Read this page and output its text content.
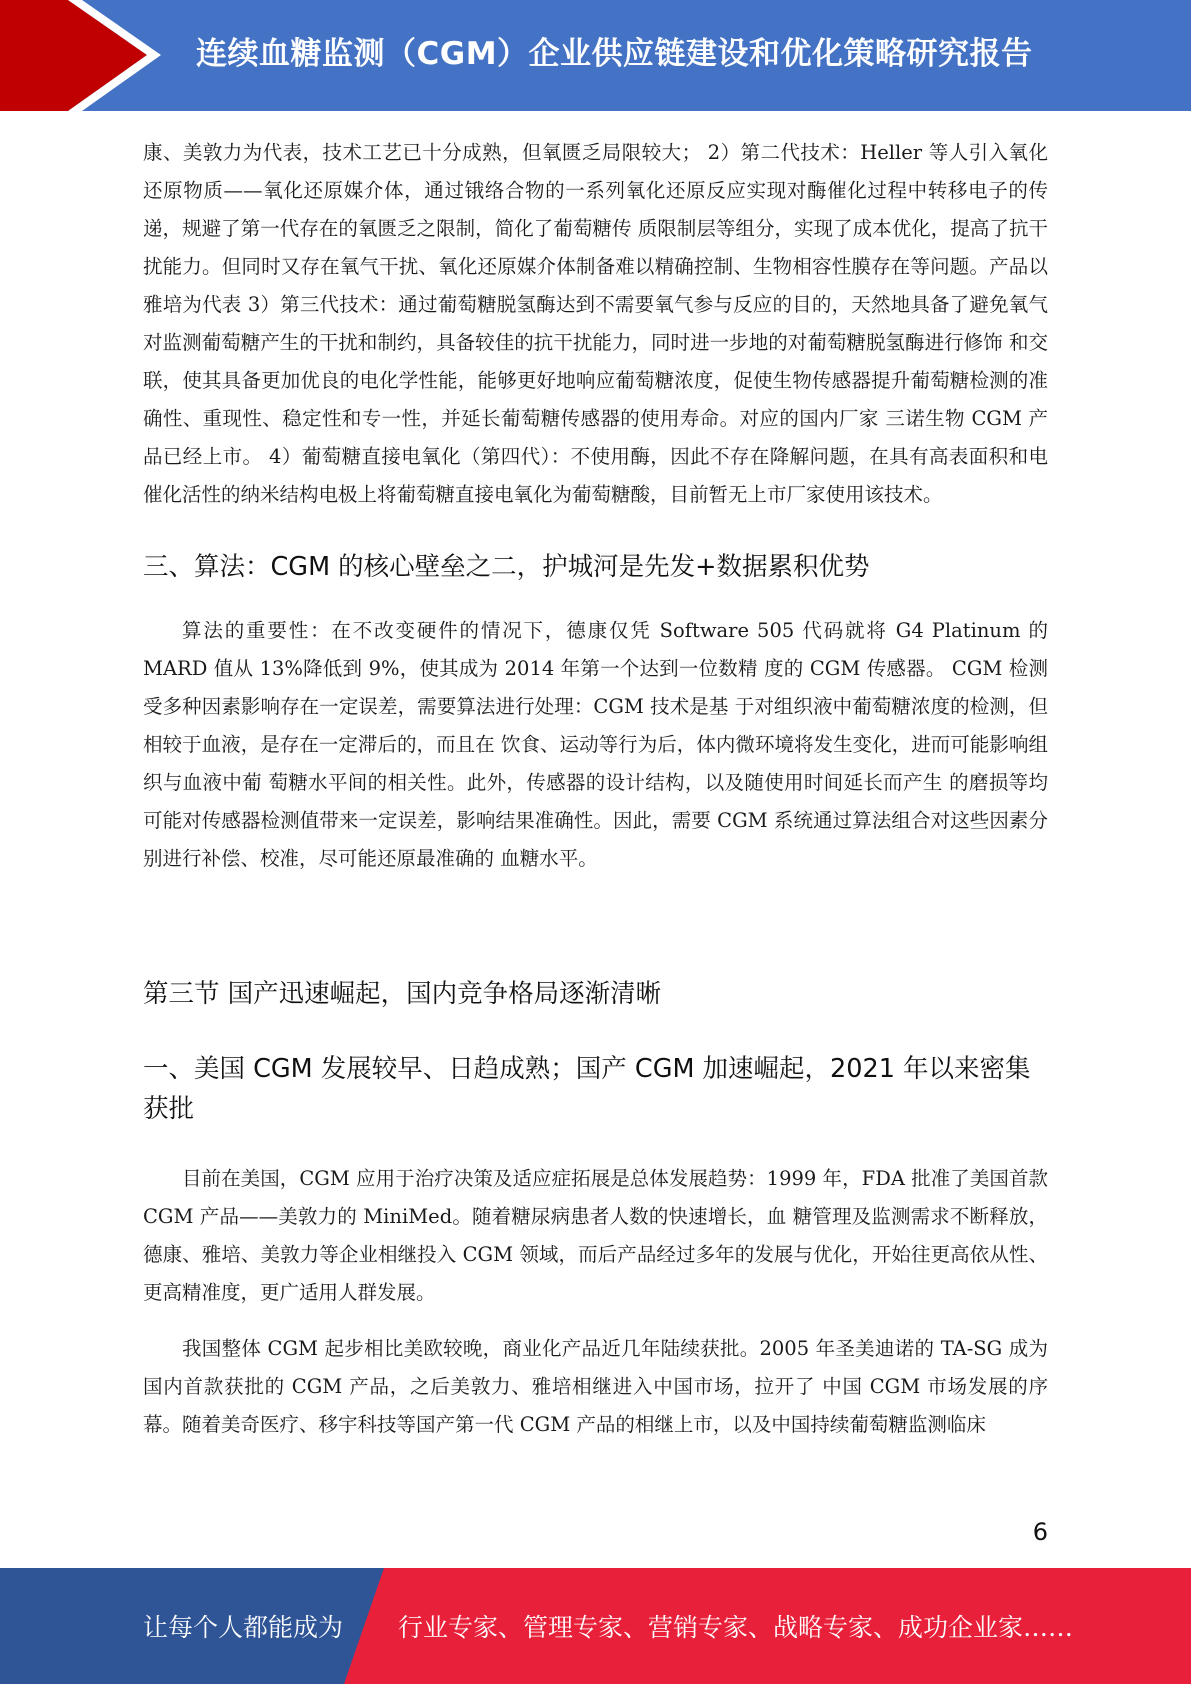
连续血糖监测（CGM）企业供应链建设和优化策略研究报告

康、美敦力为代表，技术工艺已十分成熟，但氧匮乏局限较大； 2）第二代技术：Heller 等人引入氧化还原物质——氧化还原媒介体，通过锇络合物的一系列氧化还原反应实现对酶催化过程中转移电子的传递，规避了第一代存在的氧匮乏之限制，简化了葡萄糖传 质限制层等组分，实现了成本优化，提高了抗干扰能力。但同时又存在氧气干扰、氧化还原媒介体制备难以精确控制、生物相容性膜存在等问题。产品以雅培为代表 3）第三代技术：通过葡萄糖脱氢酶达到不需要氧气参与反应的目的，天然地具备了避免氧气对监测葡萄糖产生的干扰和制约，具备较佳的抗干扰能力，同时进一步地的对葡萄糖脱氢酶进行修饰 和交联，使其具备更加优良的电化学性能，能够更好地响应葡萄糖浓度，促使生物传感器提升葡萄糖检测的准确性、重现性、稳定性和专一性，并延长葡萄糖传感器的使用寿命。对应的国内厂家 三诺生物 CGM 产品已经上市。 4）葡萄糖直接电氧化（第四代）：不使用酶，因此不存在降解问题，在具有高表面积和电催化活性的纳米结构电极上将葡萄糖直接电氧化为葡萄糖酸，目前暂无上市厂家使用该技术。

三、算法：CGM 的核心壁垒之二，护城河是先发+数据累积优势

算法的重要性：在不改变硬件的情况下，德康仅凭 Software 505 代码就将 G4 Platinum 的 MARD 值从 13%降低到 9%，使其成为 2014 年第一个达到一位数精 度的 CGM 传感器。 CGM 检测受多种因素影响存在一定误差，需要算法进行处理：CGM 技术是基 于对组织液中葡萄糖浓度的检测，但相较于血液，是存在一定滞后的，而且在 饮食、运动等行为后，体内微环境将发生变化，进而可能影响组织与血液中葡 萄糖水平间的相关性。此外，传感器的设计结构，以及随使用时间延长而产生 的磨损等均可能对传感器检测值带来一定误差，影响结果准确性。因此，需要 CGM 系统通过算法组合对这些因素分别进行补偿、校准，尽可能还原最准确的 血糖水平。

第三节 国产迅速崛起，国内竞争格局逐渐清晰
一、美国 CGM 发展较早、日趋成熟；国产 CGM 加速崛起，2021 年以来密集获批

目前在美国，CGM 应用于治疗决策及适应症拓展是总体发展趋势：1999 年，FDA 批准了美国首款 CGM 产品——美敦力的 MiniMed。随着糖尿病患者人数的快速增长，血 糖管理及监测需求不断释放，德康、雅培、美敦力等企业相继投入 CGM 领域，而后产品经过多年的发展与优化，开始往更高依从性、更高精准度，更广适用人群发展。

我国整体 CGM 起步相比美欧较晚，商业化产品近几年陆续获批。2005 年圣美迪诺的 TA-SG 成为国内首款获批的 CGM 产品，之后美敦力、雅培相继进入中国市场，拉开了 中国 CGM 市场发展的序幕。随着美奇医疗、移宇科技等国产第一代 CGM 产品的相继上市，以及中国持续葡萄糖监测临床

6
让每个人都能成为 行业专家、管理专家、营销专家、战略专家、成功企业家……
